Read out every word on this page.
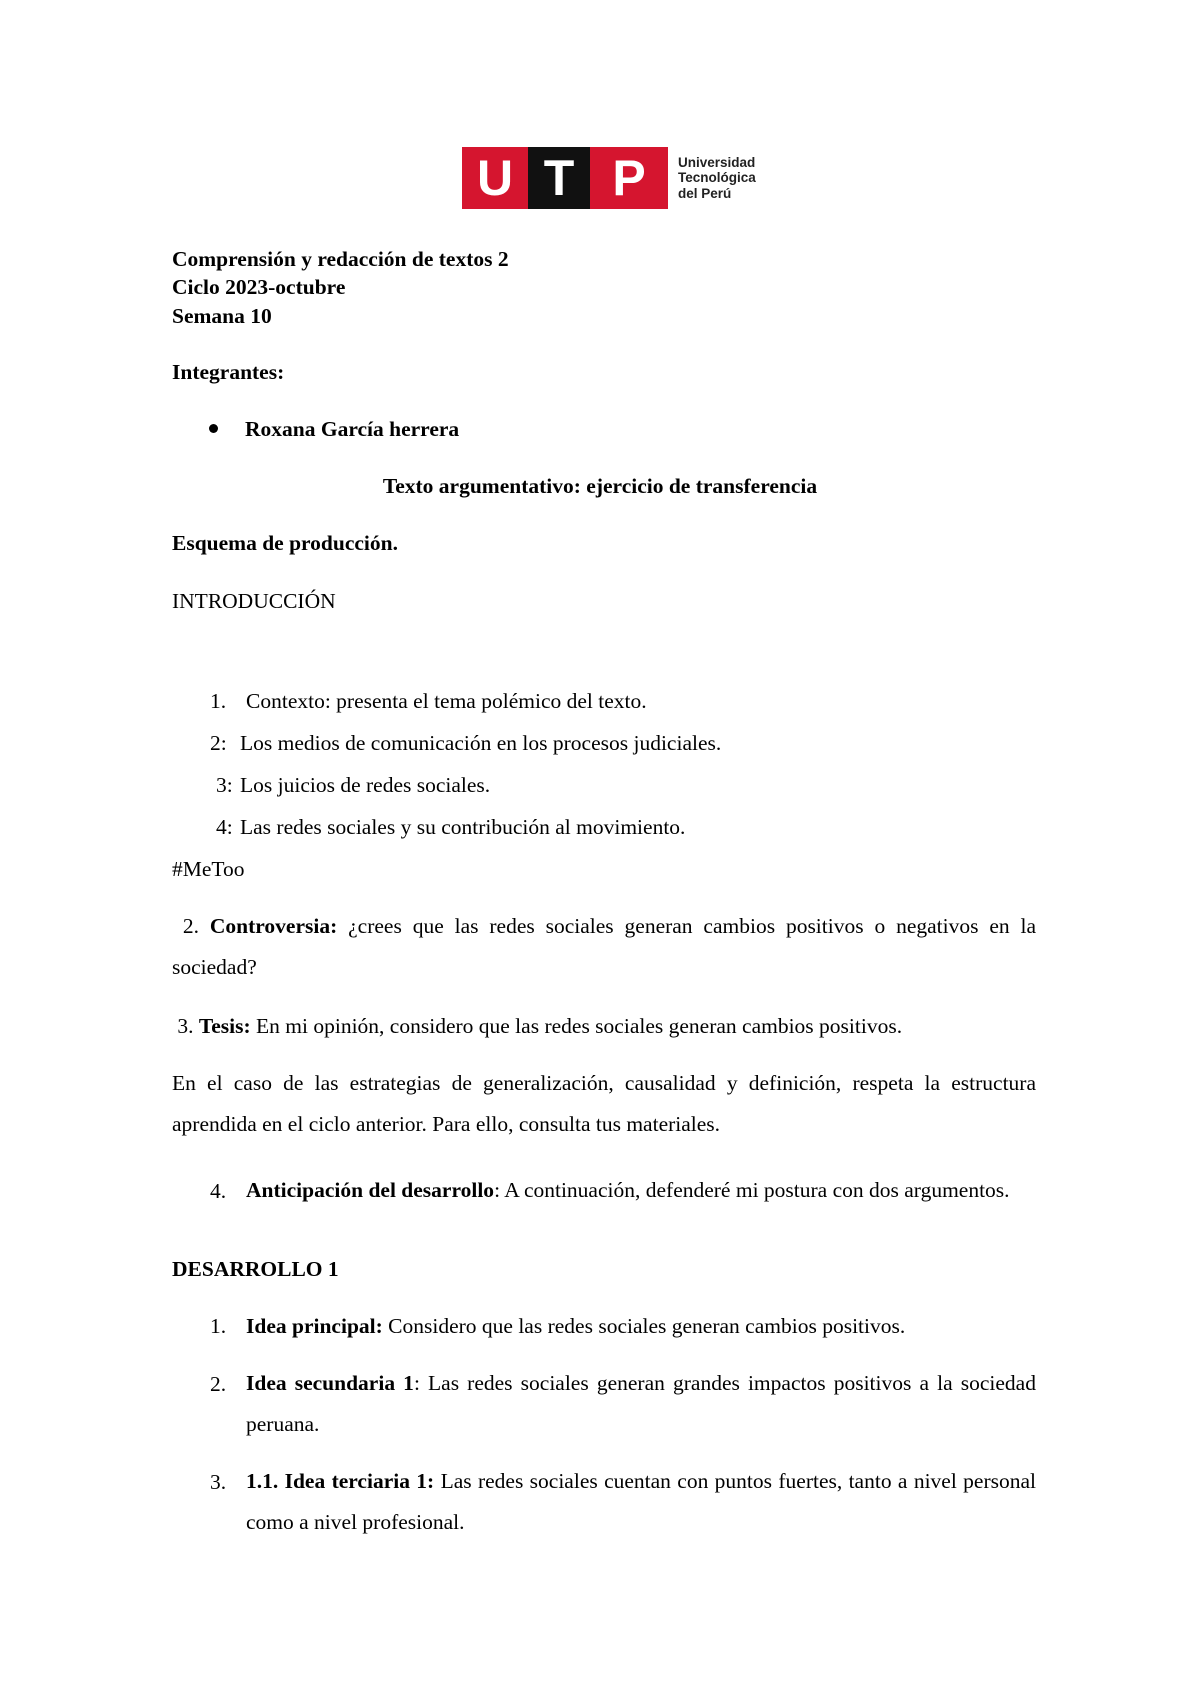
U T P	Universidad
Tecnológica
del Perú
Comprensión y redacción de textos 2
Ciclo 2023-octubre
Semana 10
Integrantes:
Roxana García herrera
Texto argumentativo: ejercicio de transferencia
Esquema de producción.
INTRODUCCIÓN
1. Contexto: presenta el tema polémico del texto.
2: Los medios de comunicación en los procesos judiciales.
3: Los juicios de redes sociales.
4: Las redes sociales y su contribución al movimiento.
#MeToo
2. Controversia: ¿crees que las redes sociales generan cambios positivos o negativos en la sociedad?
3. Tesis: En mi opinión, considero que las redes sociales generan cambios positivos.
En el caso de las estrategias de generalización, causalidad y definición, respeta la estructura aprendida en el ciclo anterior. Para ello, consulta tus materiales.
4. Anticipación del desarrollo: A continuación, defenderé mi postura con dos argumentos.
DESARROLLO 1
1. Idea principal: Considero que las redes sociales generan cambios positivos.
2. Idea secundaria 1: Las redes sociales generan grandes impactos positivos a la sociedad peruana.
3. 1.1. Idea terciaria 1: Las redes sociales cuentan con puntos fuertes, tanto a nivel personal como a nivel profesional.
